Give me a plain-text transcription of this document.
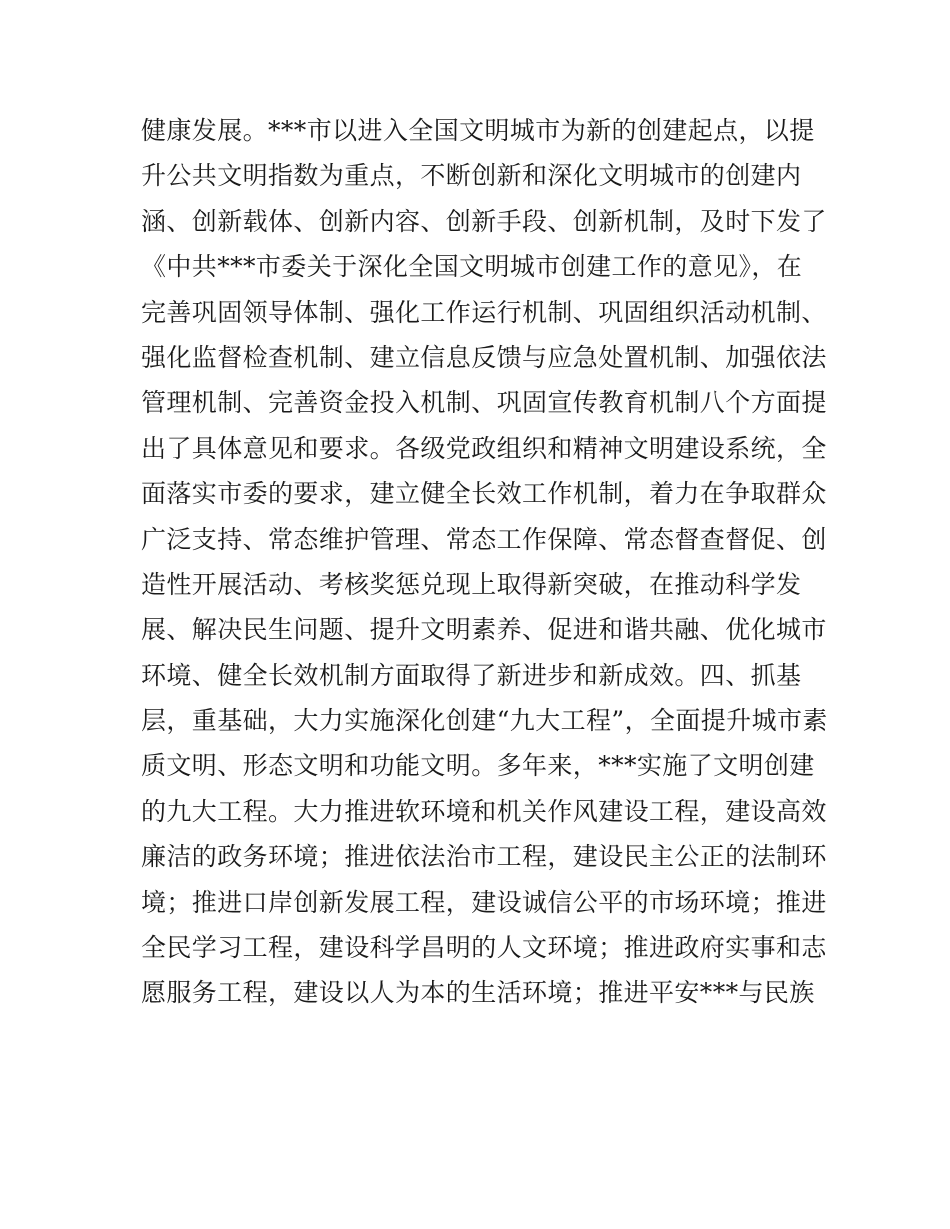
健康发展。***市以进入全国文明城市为新的创建起点，以提
升公共文明指数为重点，不断创新和深化文明城市的创建内
涵、创新载体、创新内容、创新手段、创新机制，及时下发了
《中共***市委关于深化全国文明城市创建工作的意见》，在
完善巩固领导体制、强化工作运行机制、巩固组织活动机制、
强化监督检查机制、建立信息反馈与应急处置机制、加强依法
管理机制、完善资金投入机制、巩固宣传教育机制八个方面提
出了具体意见和要求。各级党政组织和精神文明建设系统，全
面落实市委的要求，建立健全长效工作机制，着力在争取群众
广泛支持、常态维护管理、常态工作保障、常态督查督促、创
造性开展活动、考核奖惩兑现上取得新突破，在推动科学发
展、解决民生问题、提升文明素养、促进和谐共融、优化城市
环境、健全长效机制方面取得了新进步和新成效。四、抓基
层，重基础，大力实施深化创建“九大工程”，全面提升城市素
质文明、形态文明和功能文明。多年来，***实施了文明创建
的九大工程。大力推进软环境和机关作风建设工程，建设高效
廉洁的政务环境；推进依法治市工程，建设民主公正的法制环
境；推进口岸创新发展工程，建设诚信公平的市场环境；推进
全民学习工程，建设科学昌明的人文环境；推进政府实事和志
愿服务工程，建设以人为本的生活环境；推进平安***与民族
